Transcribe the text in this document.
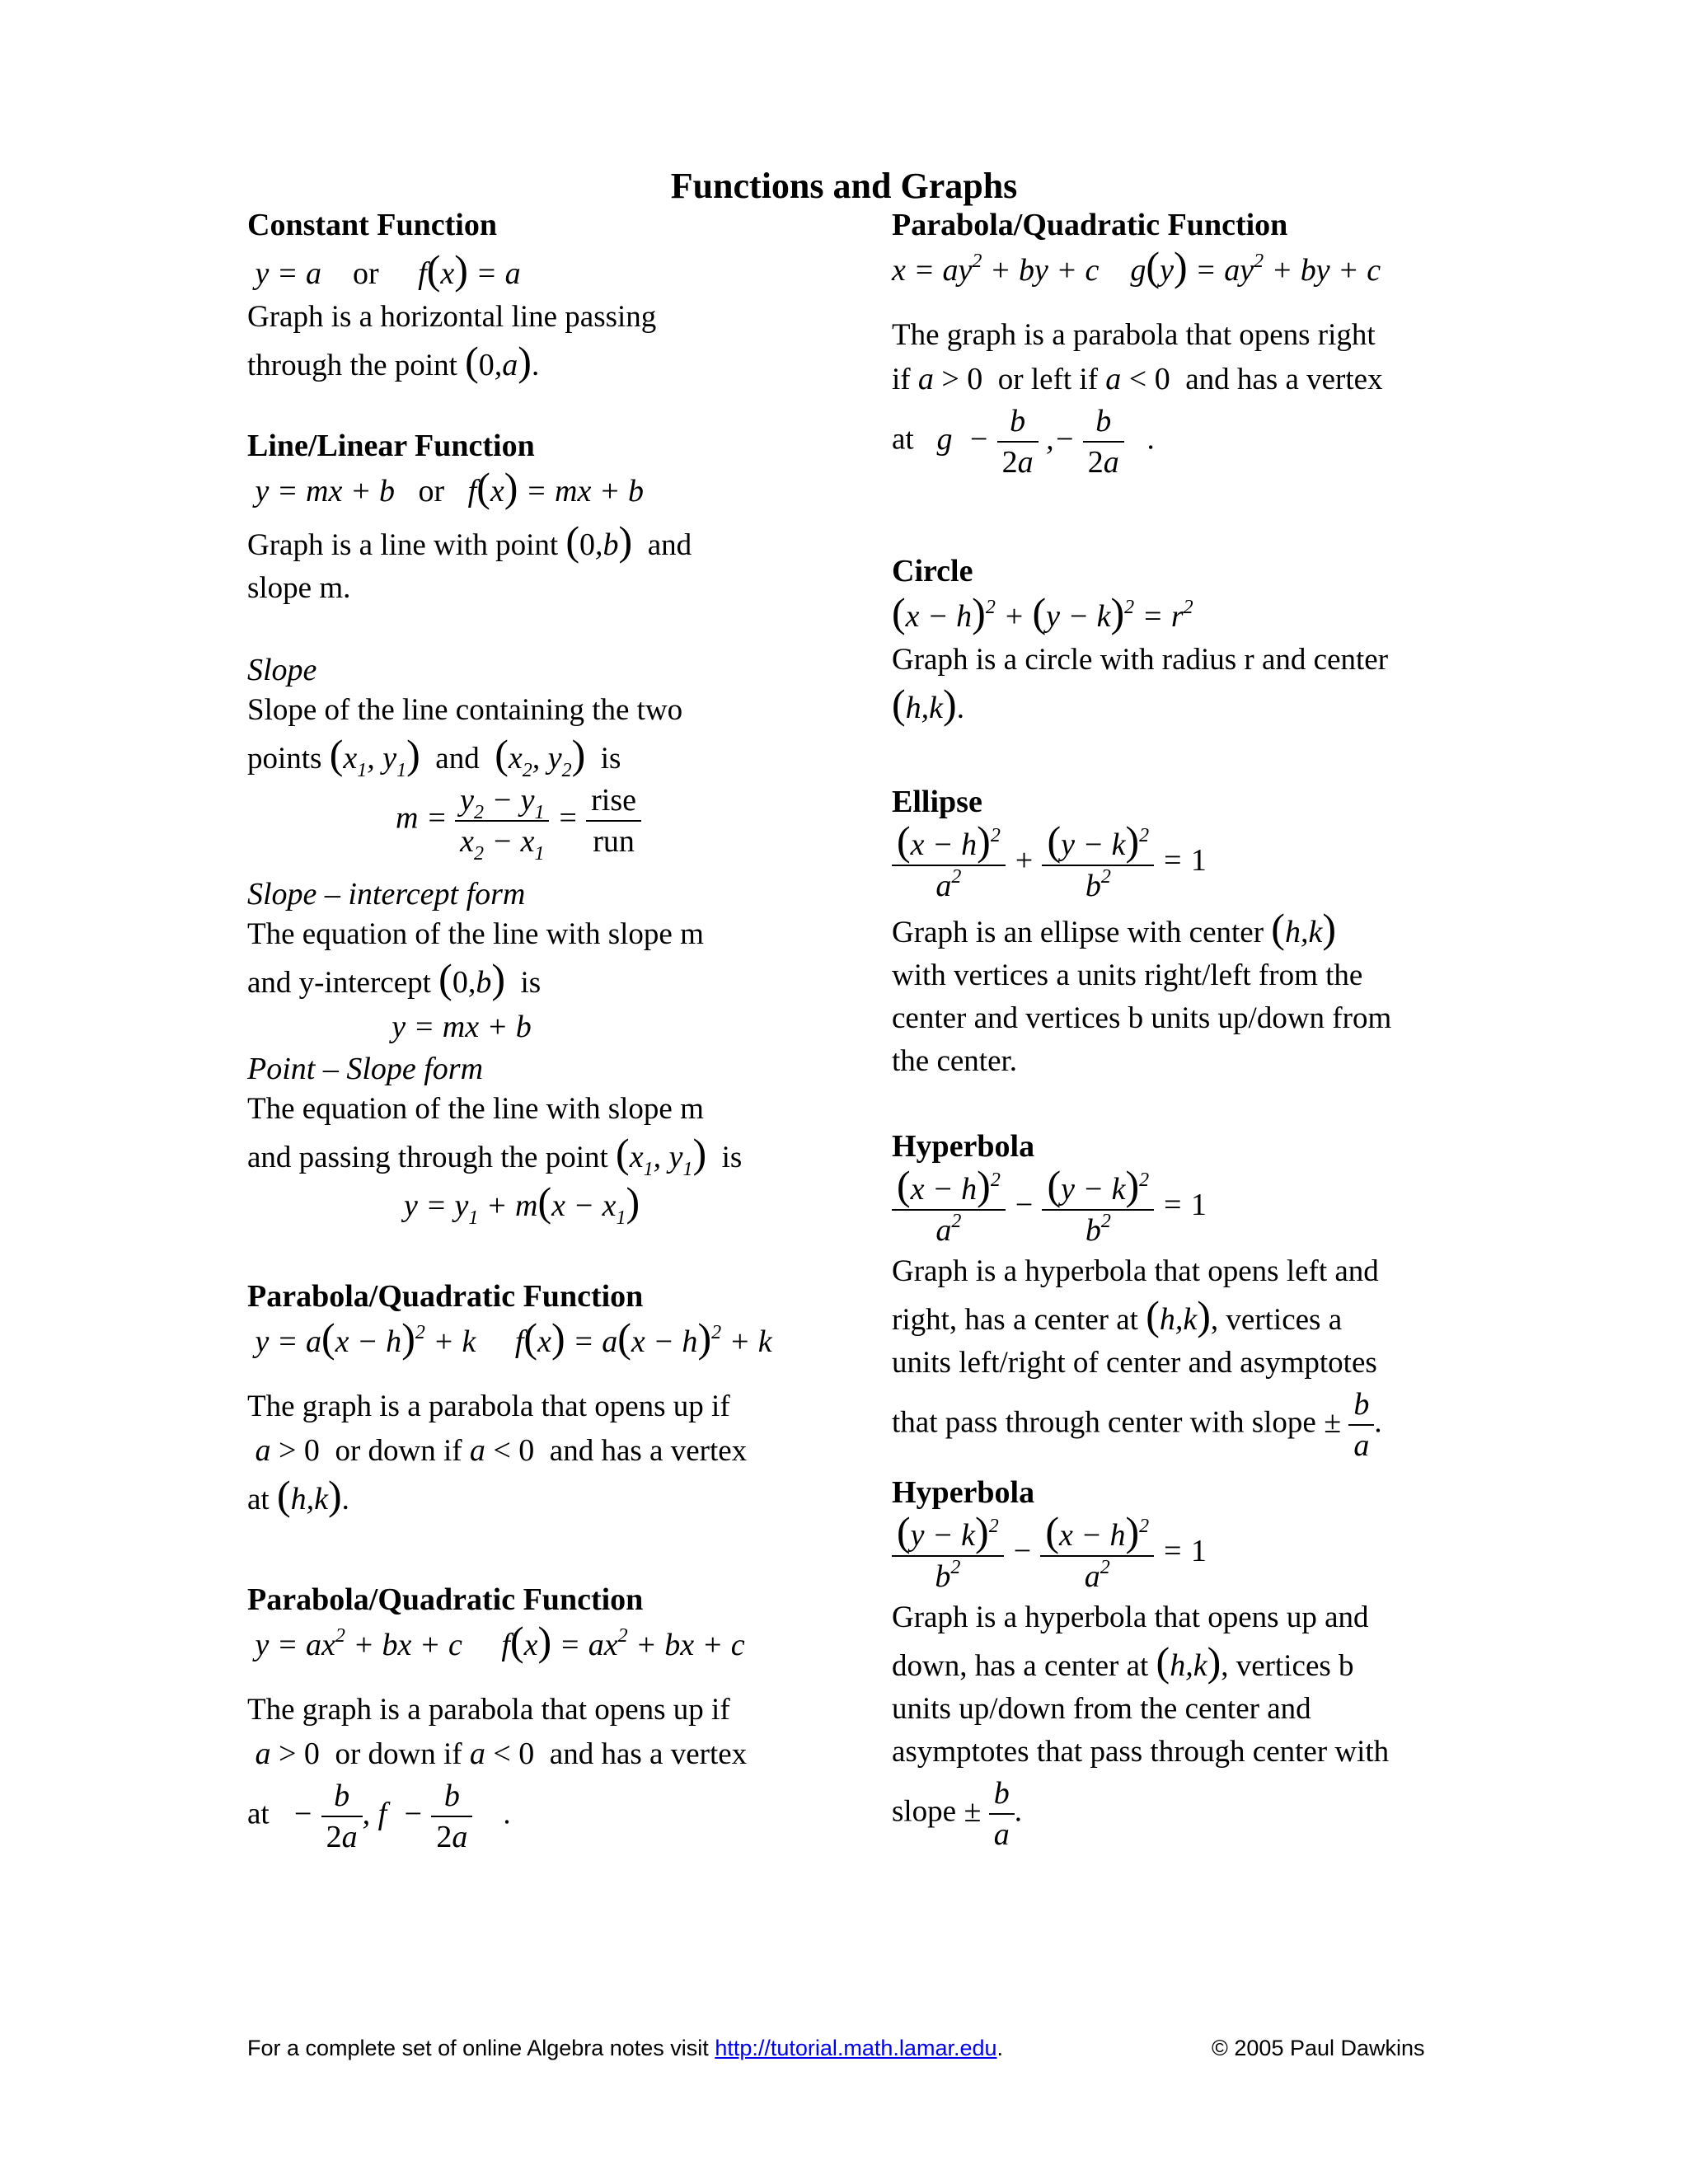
Functions and Graphs
Constant Function
y = a    or     f(x) = a
Graph is a horizontal line passing through the point (0,a).
Line/Linear Function
y = mx + b   or   f(x) = mx + b
Graph is a line with point (0,b) and
slope m.
Slope
Slope of the line containing the two
points ($x_1$, $y_1$) and ($x_2$, $y_2$) is
$m = \frac{y_2 - y_1}{x_2 - x_1} = \frac{\text{rise}}{\text{run}}$
Slope – intercept form
The equation of the line with slope m
and y-intercept (0,b) is
y = mx + b
Point – Slope form
The equation of the line with slope m
and passing through the point ($x_1$, $y_1$) is
$y = y_1 + m(x - x_1)$
Parabola/Quadratic Function
$y = a(x - h)^2 + k$     $f(x) = a(x - h)^2 + k$
The graph is a parabola that opens up if
a > 0 or down if a < 0 and has a vertex
at (h,k).
Parabola/Quadratic Function
$y = ax^2$ + bx + c     $f(x) = ax^2$ + bx + c
The graph is a parabola that opens up if
a > 0 or down if a < 0 and has a vertex
at − $\frac{b}{2a}$ , $f - \frac{b}{2a}$ .
Parabola/Quadratic Function
$x = ay^2$ + by + c    $g(y) = ay^2$ + by + c
The graph is a parabola that opens right
if a > 0 or left if a < 0 and has a vertex
at $g - \frac{b}{2a}$ ,− $\frac{b}{2a}$ .
Circle
$(x - h)^2 + (y - k)^2 = r^2$
Graph is a circle with radius r and center
(h,k).
Ellipse
$\frac{(x - h)^2}{a^2} + \frac{(y - k)^2}{b^2} = 1$
Graph is an ellipse with center (h,k)
with vertices a units right/left from the
center and vertices b units up/down from
the center.
Hyperbola
$\frac{(x - h)^2}{a^2} - \frac{(y - k)^2}{b^2} = 1$
Graph is a hyperbola that opens left and
right, has a center at (h,k), vertices a
units left/right of center and asymptotes
that pass through center with slope ± $\frac{b}{a}$ .
Hyperbola
$\frac{(y - k)^2}{b^2} - \frac{(x - h)^2}{a^2} = 1$
Graph is a hyperbola that opens up and
down, has a center at (h,k), vertices b
units up/down from the center and
asymptotes that pass through center with
slope ± $\frac{b}{a}$ .
For a complete set of online Algebra notes visit http://tutorial.math.lamar.edu.	© 2005 Paul Dawkins
